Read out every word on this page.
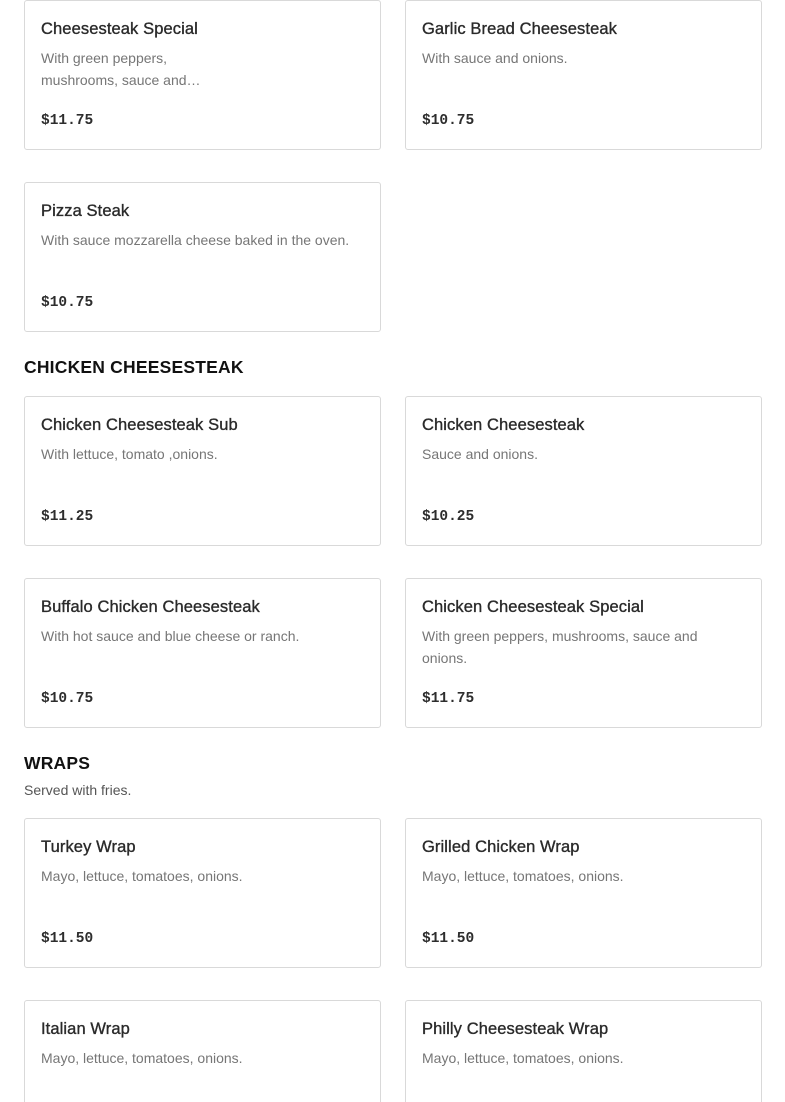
Cheesesteak Special
With green peppers, mushrooms, sauce and…
$11.75
Garlic Bread Cheesesteak
With sauce and onions.
$10.75
Pizza Steak
With sauce mozzarella cheese baked in the oven.
$10.75
CHICKEN CHEESESTEAK
Chicken Cheesesteak Sub
With lettuce, tomato ,onions.
$11.25
Chicken Cheesesteak
Sauce and onions.
$10.25
Buffalo Chicken Cheesesteak
With hot sauce and blue cheese or ranch.
$10.75
Chicken Cheesesteak Special
With green peppers, mushrooms, sauce and onions.
$11.75
WRAPS
Served with fries.
Turkey Wrap
Mayo, lettuce, tomatoes, onions.
$11.50
Grilled Chicken Wrap
Mayo, lettuce, tomatoes, onions.
$11.50
Italian Wrap
Mayo, lettuce, tomatoes, onions.
Philly Cheesesteak Wrap
Mayo, lettuce, tomatoes, onions.
